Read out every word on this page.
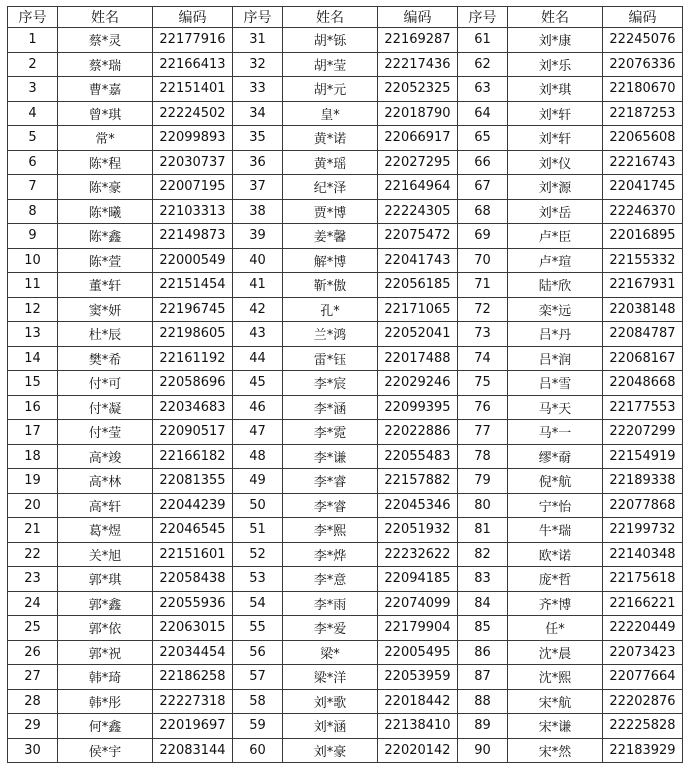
序号	姓名	编码	序号	姓名	编码	序号	姓名	编码
1	蔡*灵	22177916	31	胡*铄	22169287	61	刘*康	22245076
2	蔡*瑞	22166413	32	胡*莹	22217436	62	刘*乐	22076336
3	曹*嘉	22151401	33	胡*元	22052325	63	刘*琪	22180670
4	曾*琪	22224502	34	皇*	22018790	64	刘*轩	22187253
5	常*	22099893	35	黄*诺	22066917	65	刘*轩	22065608
6	陈*程	22030737	36	黄*瑶	22027295	66	刘*仪	22216743
7	陈*豪	22007195	37	纪*泽	22164964	67	刘*源	22041745
8	陈*曦	22103313	38	贾*博	22224305	68	刘*岳	22246370
9	陈*鑫	22149873	39	姜*馨	22075472	69	卢*臣	22016895
10	陈*萱	22000549	40	解*博	22041743	70	卢*瑄	22155332
11	董*轩	22151454	41	靳*傲	22056185	71	陆*欣	22167931
12	窦*妍	22196745	42	孔*	22171065	72	栾*远	22038148
13	杜*辰	22198605	43	兰*鸿	22052041	73	吕*丹	22084787
14	樊*希	22161192	44	雷*钰	22017488	74	吕*润	22068167
15	付*可	22058696	45	李*宸	22029246	75	吕*雪	22048668
16	付*凝	22034683	46	李*涵	22099395	76	马*天	22177553
17	付*莹	22090517	47	李*霓	22022886	77	马*一	22207299
18	高*竣	22166182	48	李*谦	22055483	78	缪*奣	22154919
19	高*林	22081355	49	李*睿	22157882	79	倪*航	22189338
20	高*轩	22044239	50	李*睿	22045346	80	宁*怡	22077868
21	葛*煜	22046545	51	李*熙	22051932	81	牛*瑞	22199732
22	关*旭	22151601	52	李*烨	22232622	82	欧*诺	22140348
23	郭*琪	22058438	53	李*意	22094185	83	庞*哲	22175618
24	郭*鑫	22055936	54	李*雨	22074099	84	齐*博	22166221
25	郭*依	22063015	55	李*爱	22179904	85	任*	22220449
26	郭*祝	22034454	56	梁*	22005495	86	沈*晨	22073423
27	韩*琦	22186258	57	梁*洋	22053959	87	沈*熙	22077664
28	韩*彤	22227318	58	刘*歌	22018442	88	宋*航	22202876
29	何*鑫	22019697	59	刘*涵	22138410	89	宋*谦	22225828
30	侯*宇	22083144	60	刘*豪	22020142	90	宋*然	22183929
